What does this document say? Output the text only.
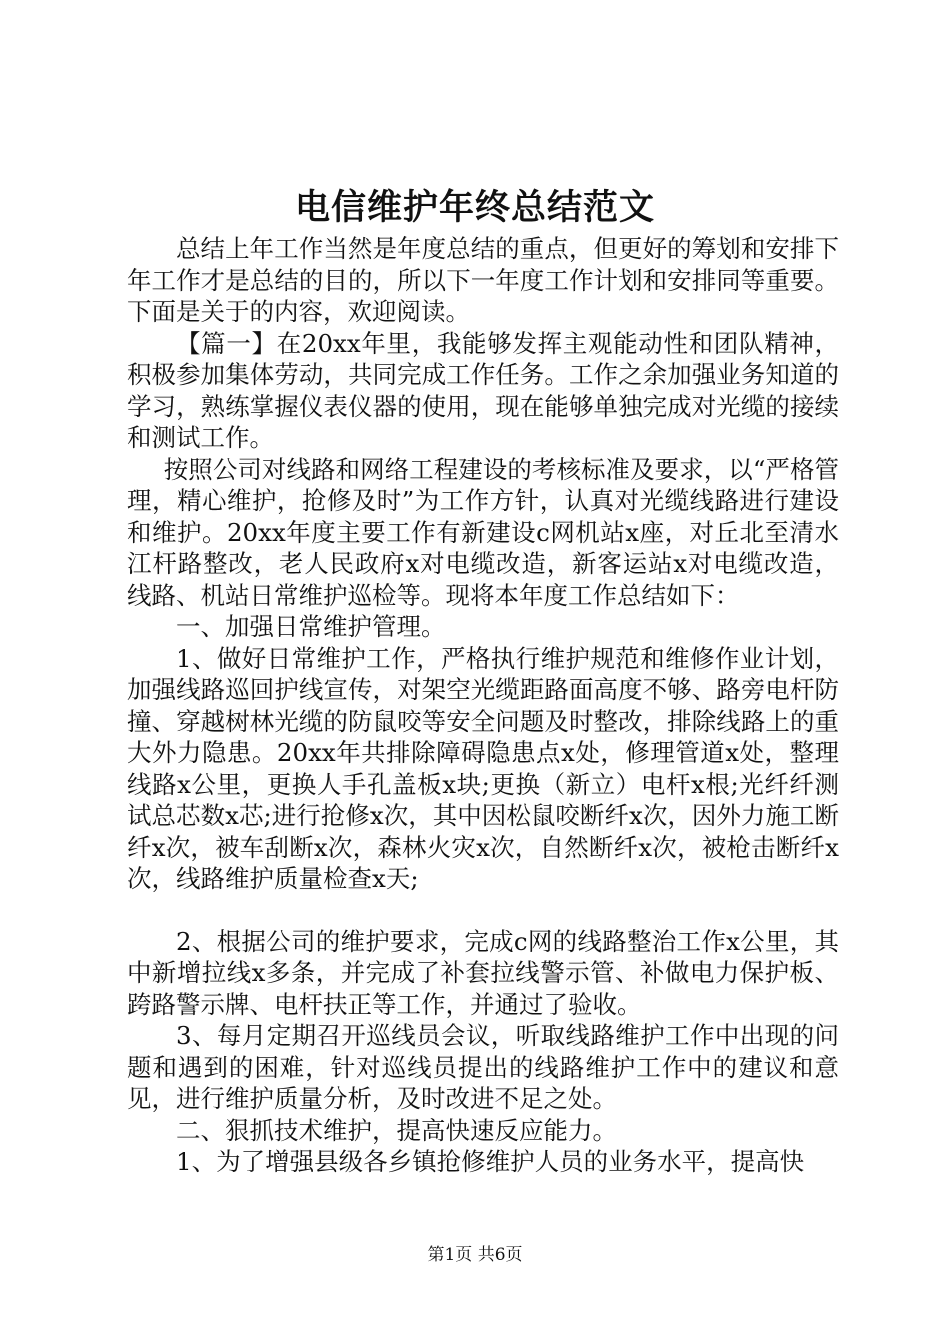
电信维护年终总结范文

总结上年工作当然是年度总结的重点，但更好的筹划和安排下年工作才是总结的目的，所以下一年度工作计划和安排同等重要。下面是关于的内容，欢迎阅读。

【篇一】在20xx年里，我能够发挥主观能动性和团队精神，积极参加集体劳动，共同完成工作任务。工作之余加强业务知道的学习，熟练掌握仪表仪器的使用，现在能够单独完成对光缆的接续和测试工作。

按照公司对线路和网络工程建设的考核标准及要求，以“严格管理，精心维护，抢修及时”为工作方针，认真对光缆线路进行建设和维护。20xx年度主要工作有新建设c网机站x座，对丘北至清水江杆路整改，老人民政府x对电缆改造，新客运站x对电缆改造，线路、机站日常维护巡检等。现将本年度工作总结如下：

一、加强日常维护管理。

1、做好日常维护工作，严格执行维护规范和维修作业计划，加强线路巡回护线宣传，对架空光缆距路面高度不够、路旁电杆防撞、穿越树林光缆的防鼠咬等安全问题及时整改，排除线路上的重大外力隐患。20xx年共排除障碍隐患点x处，修理管道x处，整理线路x公里，更换人手孔盖板x块;更换（新立）电杆x根;光纤纤测试总芯数x芯;进行抢修x次，其中因松鼠咬断纤x次，因外力施工断纤x次，被车刮断x次，森林火灾x次，自然断纤x次，被枪击断纤x次，线路维护质量检查x天;

2、根据公司的维护要求，完成c网的线路整治工作x公里，其中新增拉线x多条，并完成了补套拉线警示管、补做电力保护板、跨路警示牌、电杆扶正等工作，并通过了验收。

3、每月定期召开巡线员会议，听取线路维护工作中出现的问题和遇到的困难，针对巡线员提出的线路维护工作中的建议和意见，进行维护质量分析，及时改进不足之处。

二、狠抓技术维护，提高快速反应能力。

1、为了增强县级各乡镇抢修维护人员的业务水平，提高快

第1页 共6页
